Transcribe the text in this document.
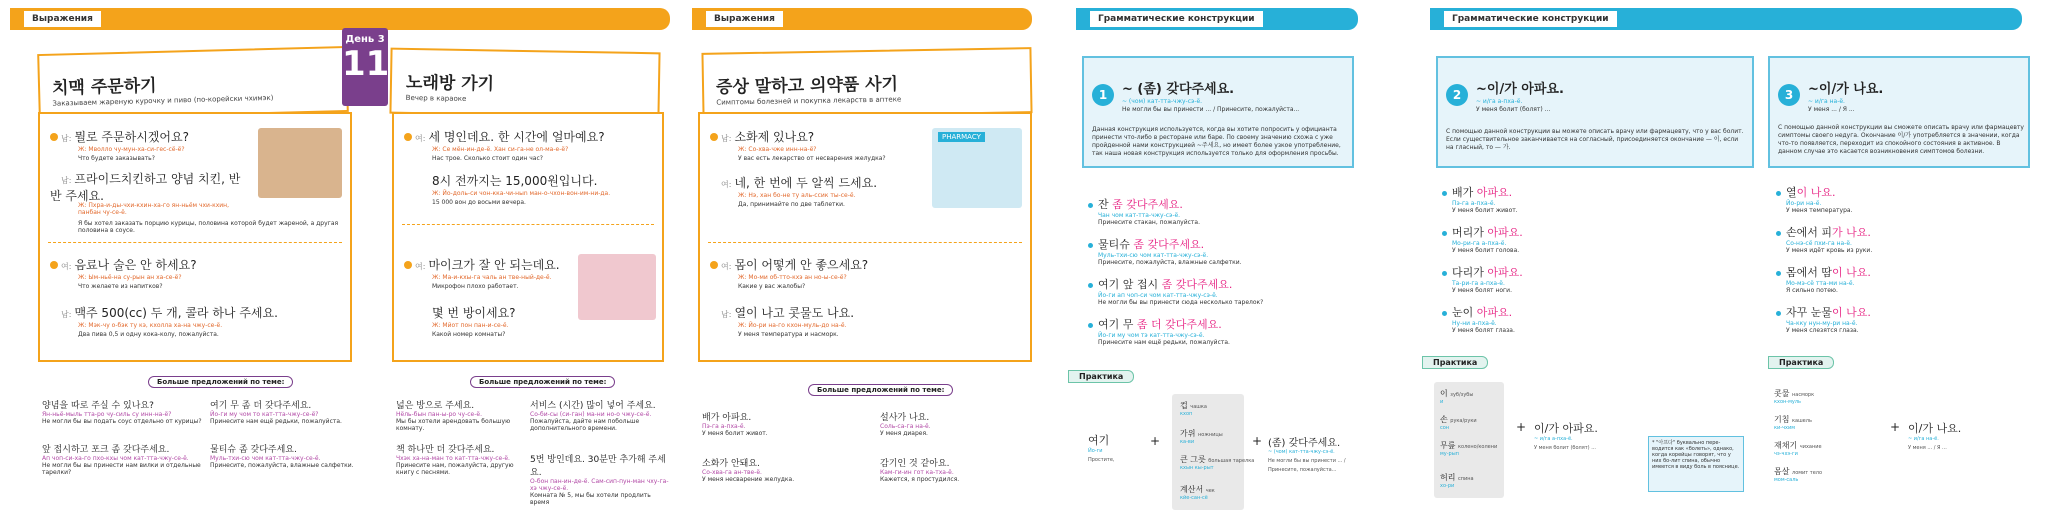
Выражения
치맥 주문하기
Заказываем жареную курочку и пиво (по-корейски чхимэк)
노래방 가기
Вечер в караоке
День 3
11
남: 뭘로 주문하시겠어요?
Ж: Мволло чу-мун-ха-си-гес-сё-ё?
Что будете заказывать?
남: 프라이드치킨하고 양념 치킨, 반반 주세요.
Ж: Пхра-и-ды-чхи-кхин-ха-го ян-ньём чхи-кхин, панбан чу-се-ё.
Я бы хотел заказать порцию курицы, половина которой будет жареной, а другая половина в соусе.
여: 음료나 술은 안 하세요?
Ж: Ым-ньё-на су-рын ан ха-се-ё?
Что желаете из напитков?
남: 맥주 500(cc) 두 개, 콜라 하나 주세요.
Ж: Мэк-чу о-бэк ту кэ, кхолла ха-на чжу-се-ё.
Два пива 0,5 и одну кока-колу, пожалуйста.
여: 세 명인데요. 한 시간에 얼마예요?
Ж: Се мён-ин-де-ё. Хан си-га-не ол-ма-е-ё?
Нас трое. Сколько стоит один час?
8시 전까지는 15,000원입니다.
Ж: Йо-доль-си чон-кка-чи-ныn ман-о-чхон-вон-им-ни-да.
15 000 вон до восьми вечера.
여: 마이크가 잘 안 되는데요.
Ж: Ма-и-кхы-га чаль ан тве-ный-де-ё.
Микрофон плохо работает.
몇 번 방이세요?
Ж: Мйот пон пан-и-се-ё.
Какой номер комнаты?
Больше предложений по теме:	Больше предложений по теме:
양념을 따로 주실 수 있나요?
Ян-ньё-мыль тта-ро чу-силь су инн-на-ё?
Не могли бы вы подать соус отдельно от курицы?
앞 접시하고 포크 좀 갖다주세요.
Ап чоп-си-ха-го пхо-кхы чом кат-тта-чжу-се-ё.
Не могли бы вы принести нам вилки и отдельные тарелки?
여기 무 좀 더 갖다주세요.
Йо-ги му чом то кат-тта-чжу-се-ё?
Принесите нам ещё редьки, пожалуйста.
물티슈 좀 갖다주세요.
Муль-тхи-сю чом кат-тта-чжу-се-ё.
Принесите, пожалуйста, влажные салфетки.
넓은 방으로 주세요.
Нёль-бын пан-ы-ро чу-се-ё.
Мы бы хотели арендовать большую комнату.
책 하나만 더 갖다주세요.
Чхэк ха-на-ман то кат-тта-чжу-се-ё.
Принесите нам, пожалуйста, другую книгу с песнями.
서비스 (시간) 많이 넣어 주세요.
Со-би-сы (си-ган) ма-ни но-о чжу-се-ё.
Пожалуйста, дайте нам побольше дополнительного времени.
5번 방인데요. 30분만 추가해 주세요.
О-бон пан-ин-де-ё. Сам-сип-пун-ман чху-га-хэ чжу-се-ё.
Комната № 5, мы бы хотели продлить время
Выражения
증상 말하고 의약품 사기
Симптомы болезней и покупка лекарств в аптеке
남: 소화제 있나요?
Ж: Со-хва-чже инн-на-ё?
У вас есть лекарство от несварения желудка?
여: 네, 한 번에 두 알씩 드세요.
Ж: Нэ, хан бо-не ту аль-ссик ты-се-ё.
Да, принимайте по две таблетки.
PHARMACY
여: 몸이 어떻게 안 좋으세요?
Ж: Мо-ми об-тто-кхэ ан но-ы-се-ё?
Какие у вас жалобы?
남: 열이 나고 콧물도 나요.
Ж: Йо-ри на-го кхон-муль-до на-ё.
У меня температура и насморк.
Больше предложений по теме:
배가 아파요.
Пэ-га а-пха-ё.
У меня болит живот.
소화가 안돼요.
Со-хва-га ан-тве-ё.
У меня несварение желудка.
설사가 나요.
Соль-са-га на-ё.
У меня диарея.
감기인 것 같아요.
Кам-ги-ин гот ка-тха-ё.
Кажется, я простудился.
Грамматические конструкции
1	~ (좀) 갖다주세요.
~ (чом) кат-тта-чжу-сэ-ё.
Не могли бы вы принести ... / Принесите, пожалуйста...
Данная конструкция используется, когда вы хотите попросить у официанта принести что-либо в ресторане или баре. По своему значению схожа с уже пройденной нами конструкцией ~주세요, но имеет более узкое употребление, так наша новая конструкция используется только для оформления просьбы.
잔 좀 갖다주세요.
Чан чом кат-тта-чжу-сэ-ё.
Принесите стакан, пожалуйста.
물티슈 좀 갖다주세요.
Муль-тхи-сю чом кат-тта-чжу-сэ-ё.
Принесите, пожалуйста, влажные салфетки.
여기 앞 접시 좀 갖다주세요.
Йо-ги ап чоп-си чом кат-тта-чжу-сэ-ё.
Не могли бы вы принести сюда несколько тарелок?
여기 무 좀 더 갖다주세요.
Йо-ги му чом тэ кат-тта-чжу-сэ-ё.
Принесите нам ещё редьки, пожалуйста.
Практика
여기
Йо-ги
Простите,
+
컵 чашка
кхоп
가위 ножницы
ка-ви
큰 그릇 большая тарелка
кхын кы-рыт
계산서 чек
кйе-сан-сё
+ (좀) 갖다주세요.
~ (чом) кат-тта-чжу-сэ-ё.
Не могли бы вы принести ... / Принесите, пожалуйста...
Грамматические конструкции
2	~이/가 아파요.
~ и/га а-пха-ё.
У меня болит (болят) ...
С помощью данной конструкции вы можете описать врачу или фармацевту, что у вас болит. Если существительное заканчивается на согласный, присоединяется окончание — 이, если на гласный, то — 가.
3	~이/가 나요.
~ и/га на-ё.
У меня ... / Я ...
С помощью данной конструкции вы сможете описать врачу или фармацевту симптомы своего недуга. Окончание 이/가 употребляется в значении, когда что-то появляется, переходит из спокойного состояния в активное. В данном случае это касается возникновения симптомов болезни.
배가 아파요.
Пэ-га а-пха-ё.
У меня болит живот.
머리가 아파요.
Мо-ри-га а-пха-ё.
У меня болит голова.
다리가 아파요.
Та-ри-га а-пха-ё.
У меня болят ноги.
눈이 아파요.
Ну-ни а-пха-ё.
У меня болят глаза.
열이 나요.
Йо-ри на-ё.
У меня температура.
손에서 피가 나요.
Со-нэ-сё пхи-га на-ё.
У меня идёт кровь из руки.
몸에서 땀이 나요.
Мо-мэ-сё тта-ми на-ё.
Я сильно потею.
자꾸 눈물이 나요.
Ча-кку нун-му-ри на-ё.
У меня слезятся глаза.
Практика	Практика
이 зуб/зубы
и
손 рука/руки
сон
무릎 колено/колени
му-рып
허리 спина
хо-ри
+ 이/가 아파요.
~ и/га а-пха-ё.
У меня болит (болят) ...
* "아프다" буквально пере-водится как «болеть», однако, когда корейцы говорят, что у них бо-лит спина, обычно имеется в виду боль в пояснице.
콧물 насморк
кхон-муль
기침 кашель
ки-чхим
재채기 чихание
чэ-чхэ-ги
몸살 ломит тело
мом-саль
+ 이/가 나요.
~ и/га на-ё.
У меня ... / Я ...
